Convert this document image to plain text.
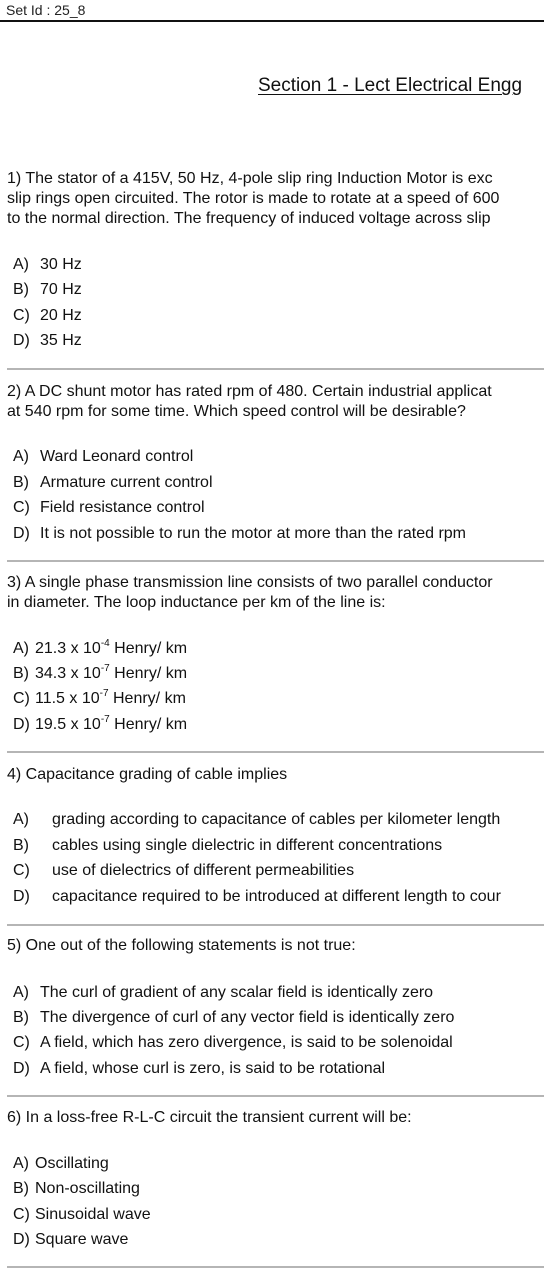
Set Id : 25_8
Section 1 - Lect Electrical Engg
1) The stator of a 415V, 50 Hz, 4-pole slip ring Induction Motor is exc
slip rings open circuited. The rotor is made to rotate at a speed of 600
to the normal direction. The frequency of induced voltage across slip
A) 30 Hz
B) 70 Hz
C) 20 Hz
D) 35 Hz
2) A DC shunt motor has rated rpm of 480. Certain industrial applicat
at 540 rpm for some time. Which speed control will be desirable?
A) Ward Leonard control
B) Armature current control
C) Field resistance control
D) It is not possible to run the motor at more than the rated rpm
3) A single phase transmission line consists of two parallel conductor
in diameter. The loop inductance per km of the line is:
A) 21.3 x $10^{-4}$ Henry/ km
B) 34.3 x $10^{-7}$ Henry/ km
C) 11.5 x $10^{-7}$ Henry/ km
D) 19.5 x $10^{-7}$ Henry/ km
4) Capacitance grading of cable implies
A) grading according to capacitance of cables per kilometer length
B) cables using single dielectric in different concentrations
C) use of dielectrics of different permeabilities
D) capacitance required to be introduced at different length to cour
5) One out of the following statements is not true:
A) The curl of gradient of any scalar field is identically zero
B) The divergence of curl of any vector field is identically zero
C) A field, which has zero divergence, is said to be solenoidal
D) A field, whose curl is zero, is said to be rotational
6) In a loss-free R-L-C circuit the transient current will be:
A) Oscillating
B) Non-oscillating
C) Sinusoidal wave
D) Square wave
